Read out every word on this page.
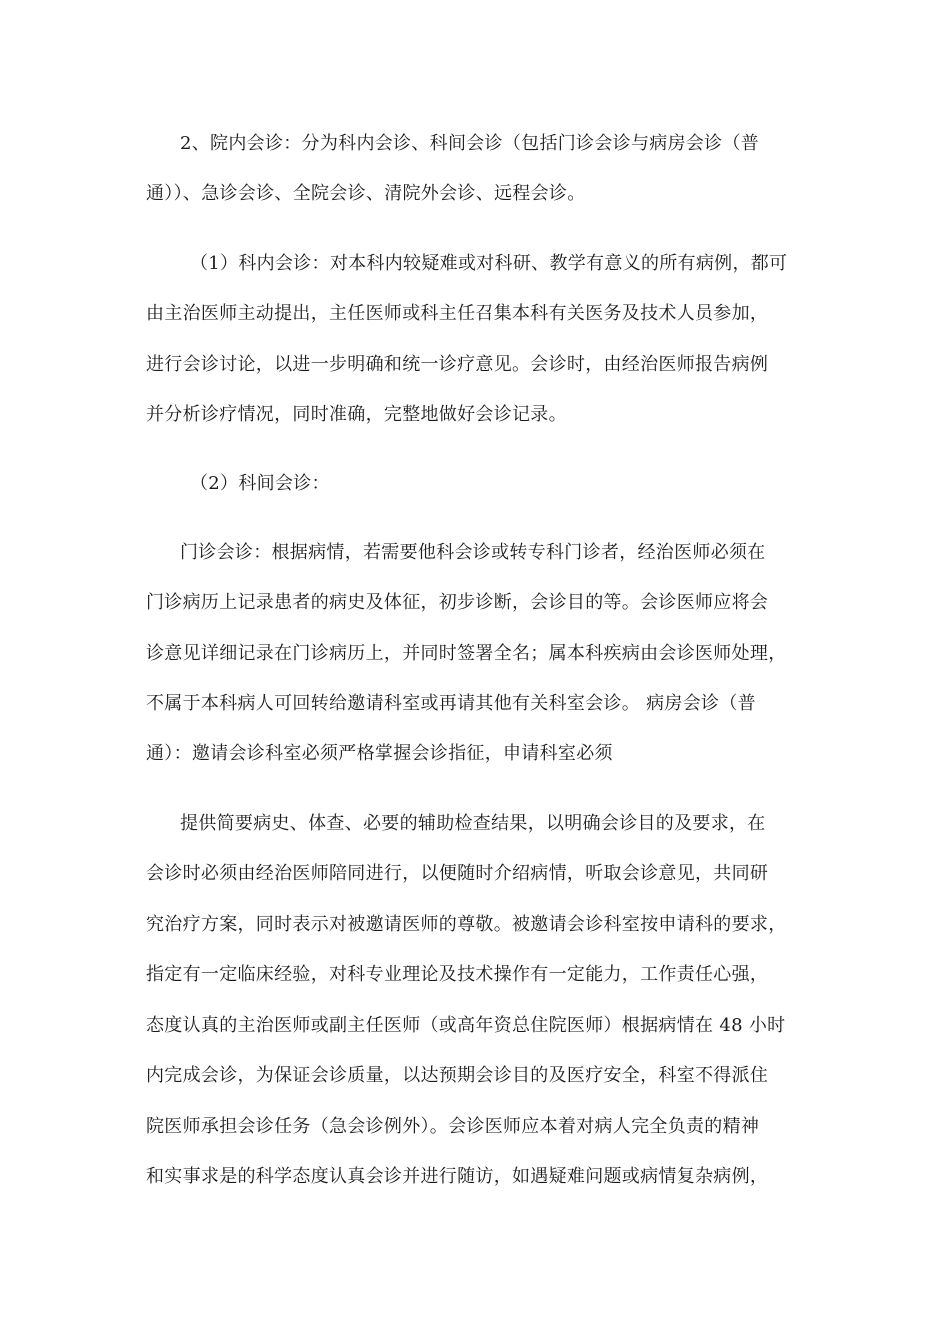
2、院内会诊：分为科内会诊、科间会诊（包括门诊会诊与病房会诊（普
通））、急诊会诊、全院会诊、清院外会诊、远程会诊。
（1）科内会诊：对本科内较疑难或对科研、教学有意义的所有病例，都可
由主治医师主动提出，主任医师或科主任召集本科有关医务及技术人员参加，
进行会诊讨论，以进一步明确和统一诊疗意见。会诊时，由经治医师报告病例
并分析诊疗情况，同时准确，完整地做好会诊记录。
（2）科间会诊：
门诊会诊：根据病情，若需要他科会诊或转专科门诊者，经治医师必须在
门诊病历上记录患者的病史及体征，初步诊断，会诊目的等。会诊医师应将会
诊意见详细记录在门诊病历上，并同时签署全名；属本科疾病由会诊医师处理，
不属于本科病人可回转给邀请科室或再请其他有关科室会诊。 病房会诊（普
通）：邀请会诊科室必须严格掌握会诊指征，申请科室必须
提供简要病史、体查、必要的辅助检查结果，以明确会诊目的及要求，在
会诊时必须由经治医师陪同进行，以便随时介绍病情，听取会诊意见，共同研
究治疗方案，同时表示对被邀请医师的尊敬。被邀请会诊科室按申请科的要求，
指定有一定临床经验，对科专业理论及技术操作有一定能力，工作责任心强，
态度认真的主治医师或副主任医师（或高年资总住院医师）根据病情在 48 小时
内完成会诊，为保证会诊质量，以达预期会诊目的及医疗安全，科室不得派住
院医师承担会诊任务（急会诊例外）。会诊医师应本着对病人完全负责的精神
和实事求是的科学态度认真会诊并进行随访，如遇疑难问题或病情复杂病例，
